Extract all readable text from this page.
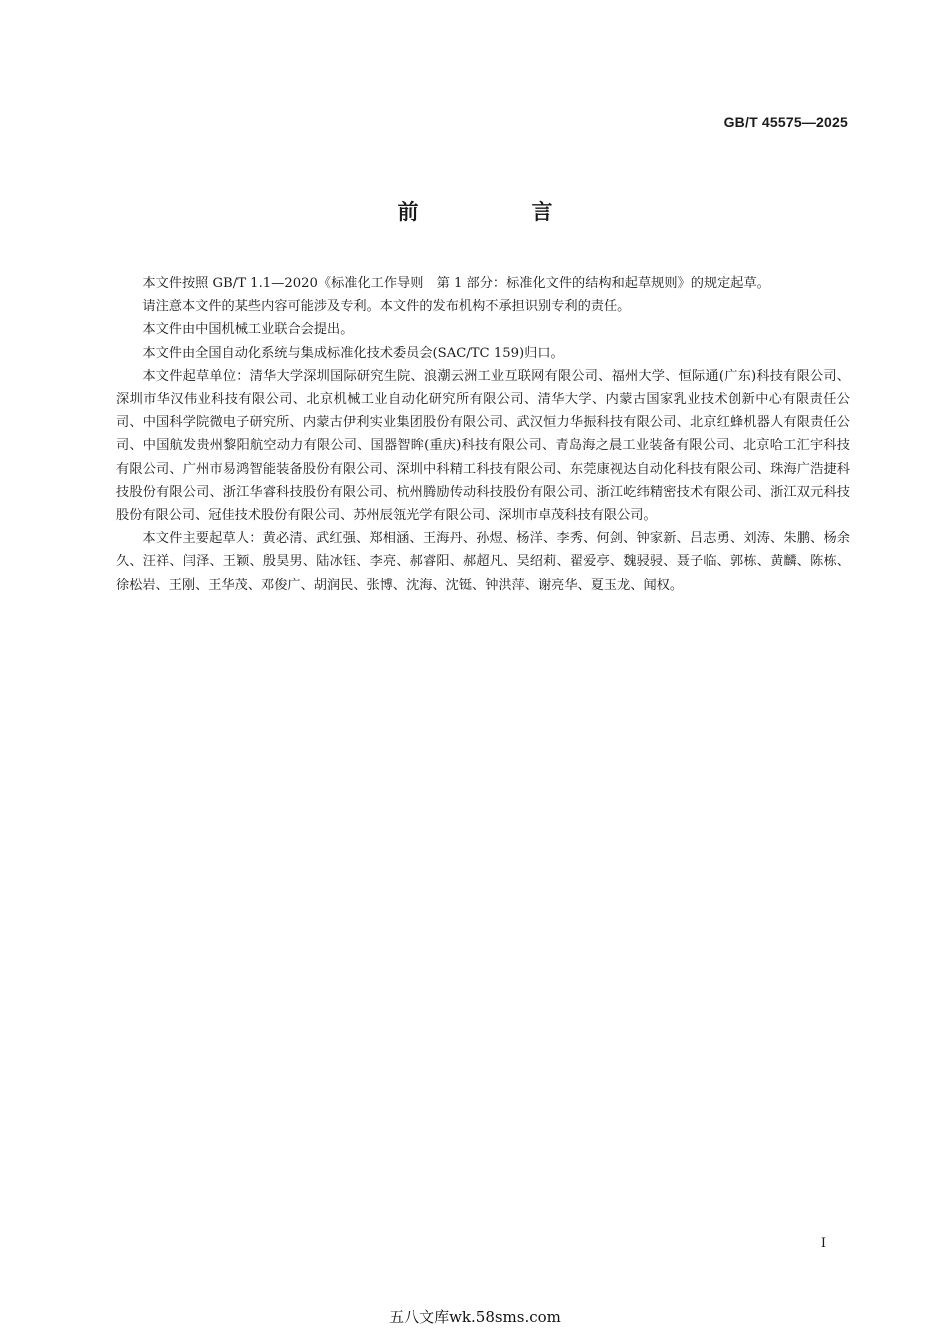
GB/T 45575—2025
前　言

本文件按照 GB/T 1.1—2020《标准化工作导则　第 1 部分：标准化文件的结构和起草规则》的规定起草。

请注意本文件的某些内容可能涉及专利。本文件的发布机构不承担识别专利的责任。

本文件由中国机械工业联合会提出。

本文件由全国自动化系统与集成标准化技术委员会(SAC/TC 159)归口。

本文件起草单位：清华大学深圳国际研究生院、浪潮云洲工业互联网有限公司、福州大学、恒际通(广东)科技有限公司、深圳市华汉伟业科技有限公司、北京机械工业自动化研究所有限公司、清华大学、内蒙古国家乳业技术创新中心有限责任公司、中国科学院微电子研究所、内蒙古伊利实业集团股份有限公司、武汉恒力华振科技有限公司、北京红蜂机器人有限责任公司、中国航发贵州黎阳航空动力有限公司、国器智眸(重庆)科技有限公司、青岛海之晨工业装备有限公司、北京哈工汇宇科技有限公司、广州市易鸿智能装备股份有限公司、深圳中科精工科技有限公司、东莞康视达自动化科技有限公司、珠海广浩捷科技股份有限公司、浙江华睿科技股份有限公司、杭州腾励传动科技股份有限公司、浙江屹纬精密技术有限公司、浙江双元科技股份有限公司、冠佳技术股份有限公司、苏州辰瓴光学有限公司、深圳市卓茂科技有限公司。

本文件主要起草人：黄必清、武红强、郑相涵、王海丹、孙煜、杨洋、李秀、何剑、钟家新、吕志勇、刘涛、朱鹏、杨余久、汪祥、闫泽、王颖、殷昊男、陆冰钰、李亮、郝睿阳、郝超凡、吴绍莉、翟爱亭、魏骎骎、聂子临、郭栋、黄麟、陈栋、徐松岩、王刚、王华茂、邓俊广、胡润民、张博、沈海、沈铤、钟洪萍、谢亮华、夏玉龙、闻权。

I
五八文库wk.58sms.com
